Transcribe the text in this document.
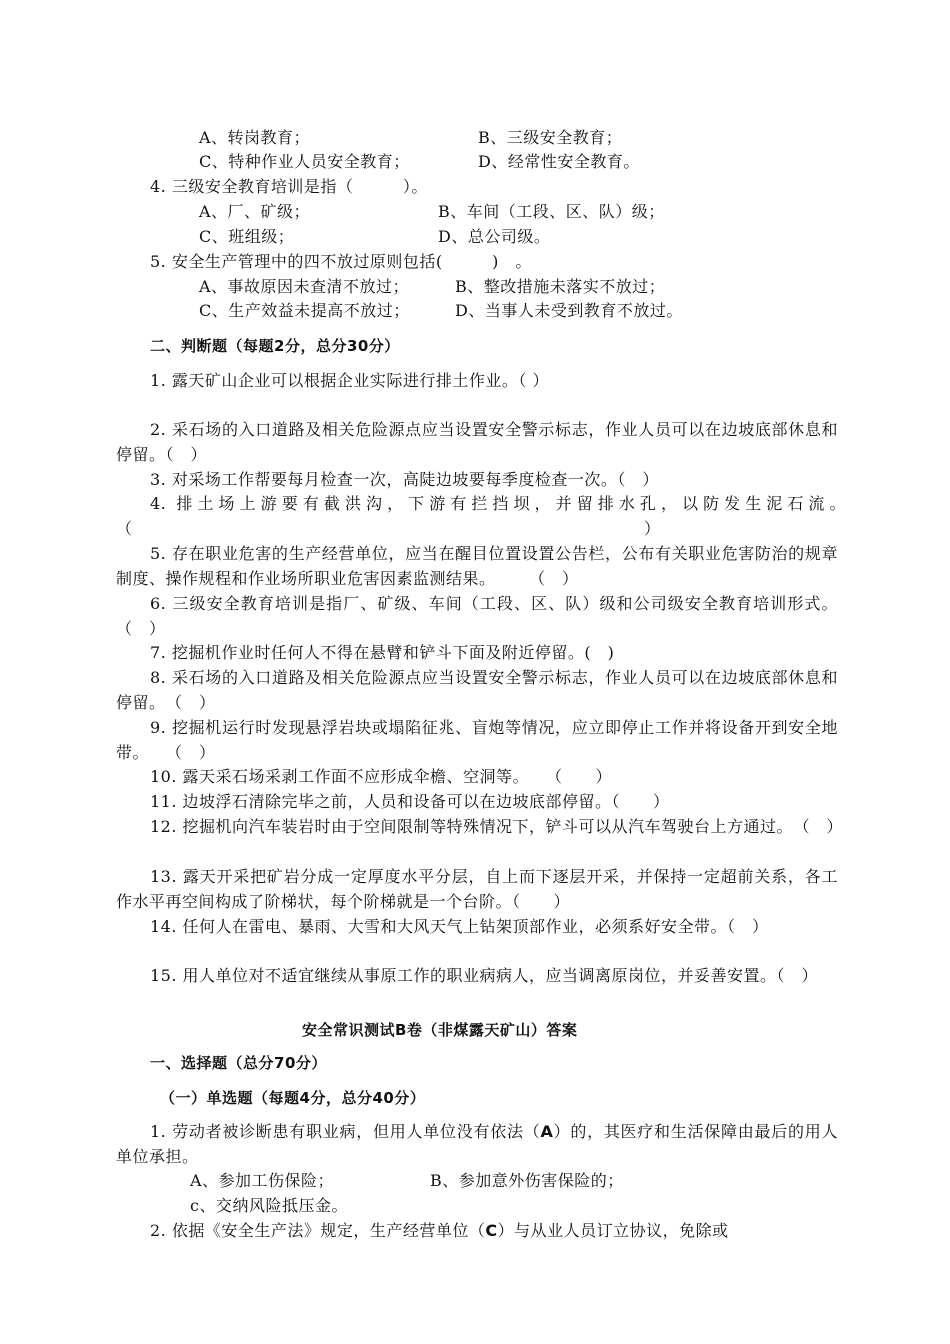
A、转岗教育；	B、三级安全教育；
C、特种作业人员安全教育；	D、经常性安全教育。
4. 三级安全教育培训是指（　　　）。
A、厂、矿级；	B、车间（工段、区、队）级；
C、班组级；	D、总公司级。
5. 安全生产管理中的四不放过原则包括(　　　)　。
A、事故原因未查清不放过；	B、整改措施未落实不放过；
C、生产效益未提高不放过；	D、当事人未受到教育不放过。
二、判断题（每题2分，总分30分）
1. 露天矿山企业可以根据企业实际进行排土作业。（ ）
2. 采石场的入口道路及相关危险源点应当设置安全警示标志，作业人员可以在边坡底部休息和停留。（　）
3. 对采场工作帮要每月检查一次，高陡边坡要每季度检查一次。（　）
4. 排土场上游要有截洪沟，下游有拦挡坝，并留排水孔，以防发生泥石流。　　（　　　　　　　　　　　　　　　　　　　　　　　　　　　　　　　）
5. 存在职业危害的生产经营单位，应当在醒目位置设置公告栏，公布有关职业危害防治的规章制度、操作规程和作业场所职业危害因素监测结果。　　　（　）
6. 三级安全教育培训是指厂、矿级、车间（工段、区、队）级和公司级安全教育培训形式。（　）
7. 挖掘机作业时任何人不得在悬臂和铲斗下面及附近停留。(　)
8. 采石场的入口道路及相关危险源点应当设置安全警示标志，作业人员可以在边坡底部休息和停留。　（　）
9. 挖掘机运行时发现悬浮岩块或塌陷征兆、盲炮等情况，应立即停止工作并将设备开到安全地带。　　（　）
10. 露天采石场采剥工作面不应形成伞檐、空洞等。　　（　　）
11. 边坡浮石清除完毕之前，人员和设备可以在边坡底部停留。（　　）
12. 挖掘机向汽车装岩时由于空间限制等特殊情况下，铲斗可以从汽车驾驶台上方通过。　（　）
13. 露天开采把矿岩分成一定厚度水平分层，自上而下逐层开采，并保持一定超前关系，各工作水平再空间构成了阶梯状，每个阶梯就是一个台阶。（　　）
14. 任何人在雷电、暴雨、大雪和大风天气上钻架顶部作业，必须系好安全带。（　）
15. 用人单位对不适宜继续从事原工作的职业病病人，应当调离原岗位，并妥善安置。（　）
安全常识测试B卷（非煤露天矿山）答案
一、选择题（总分70分）
（一）单选题（每题4分，总分40分）
1. 劳动者被诊断患有职业病，但用人单位没有依法（A）的，其医疗和生活保障由最后的用人单位承担。
A、参加工伤保险；	B、参加意外伤害保险的；
c、交纳风险抵压金。
2. 依据《安全生产法》规定，生产经营单位（C）与从业人员订立协议，免除或
